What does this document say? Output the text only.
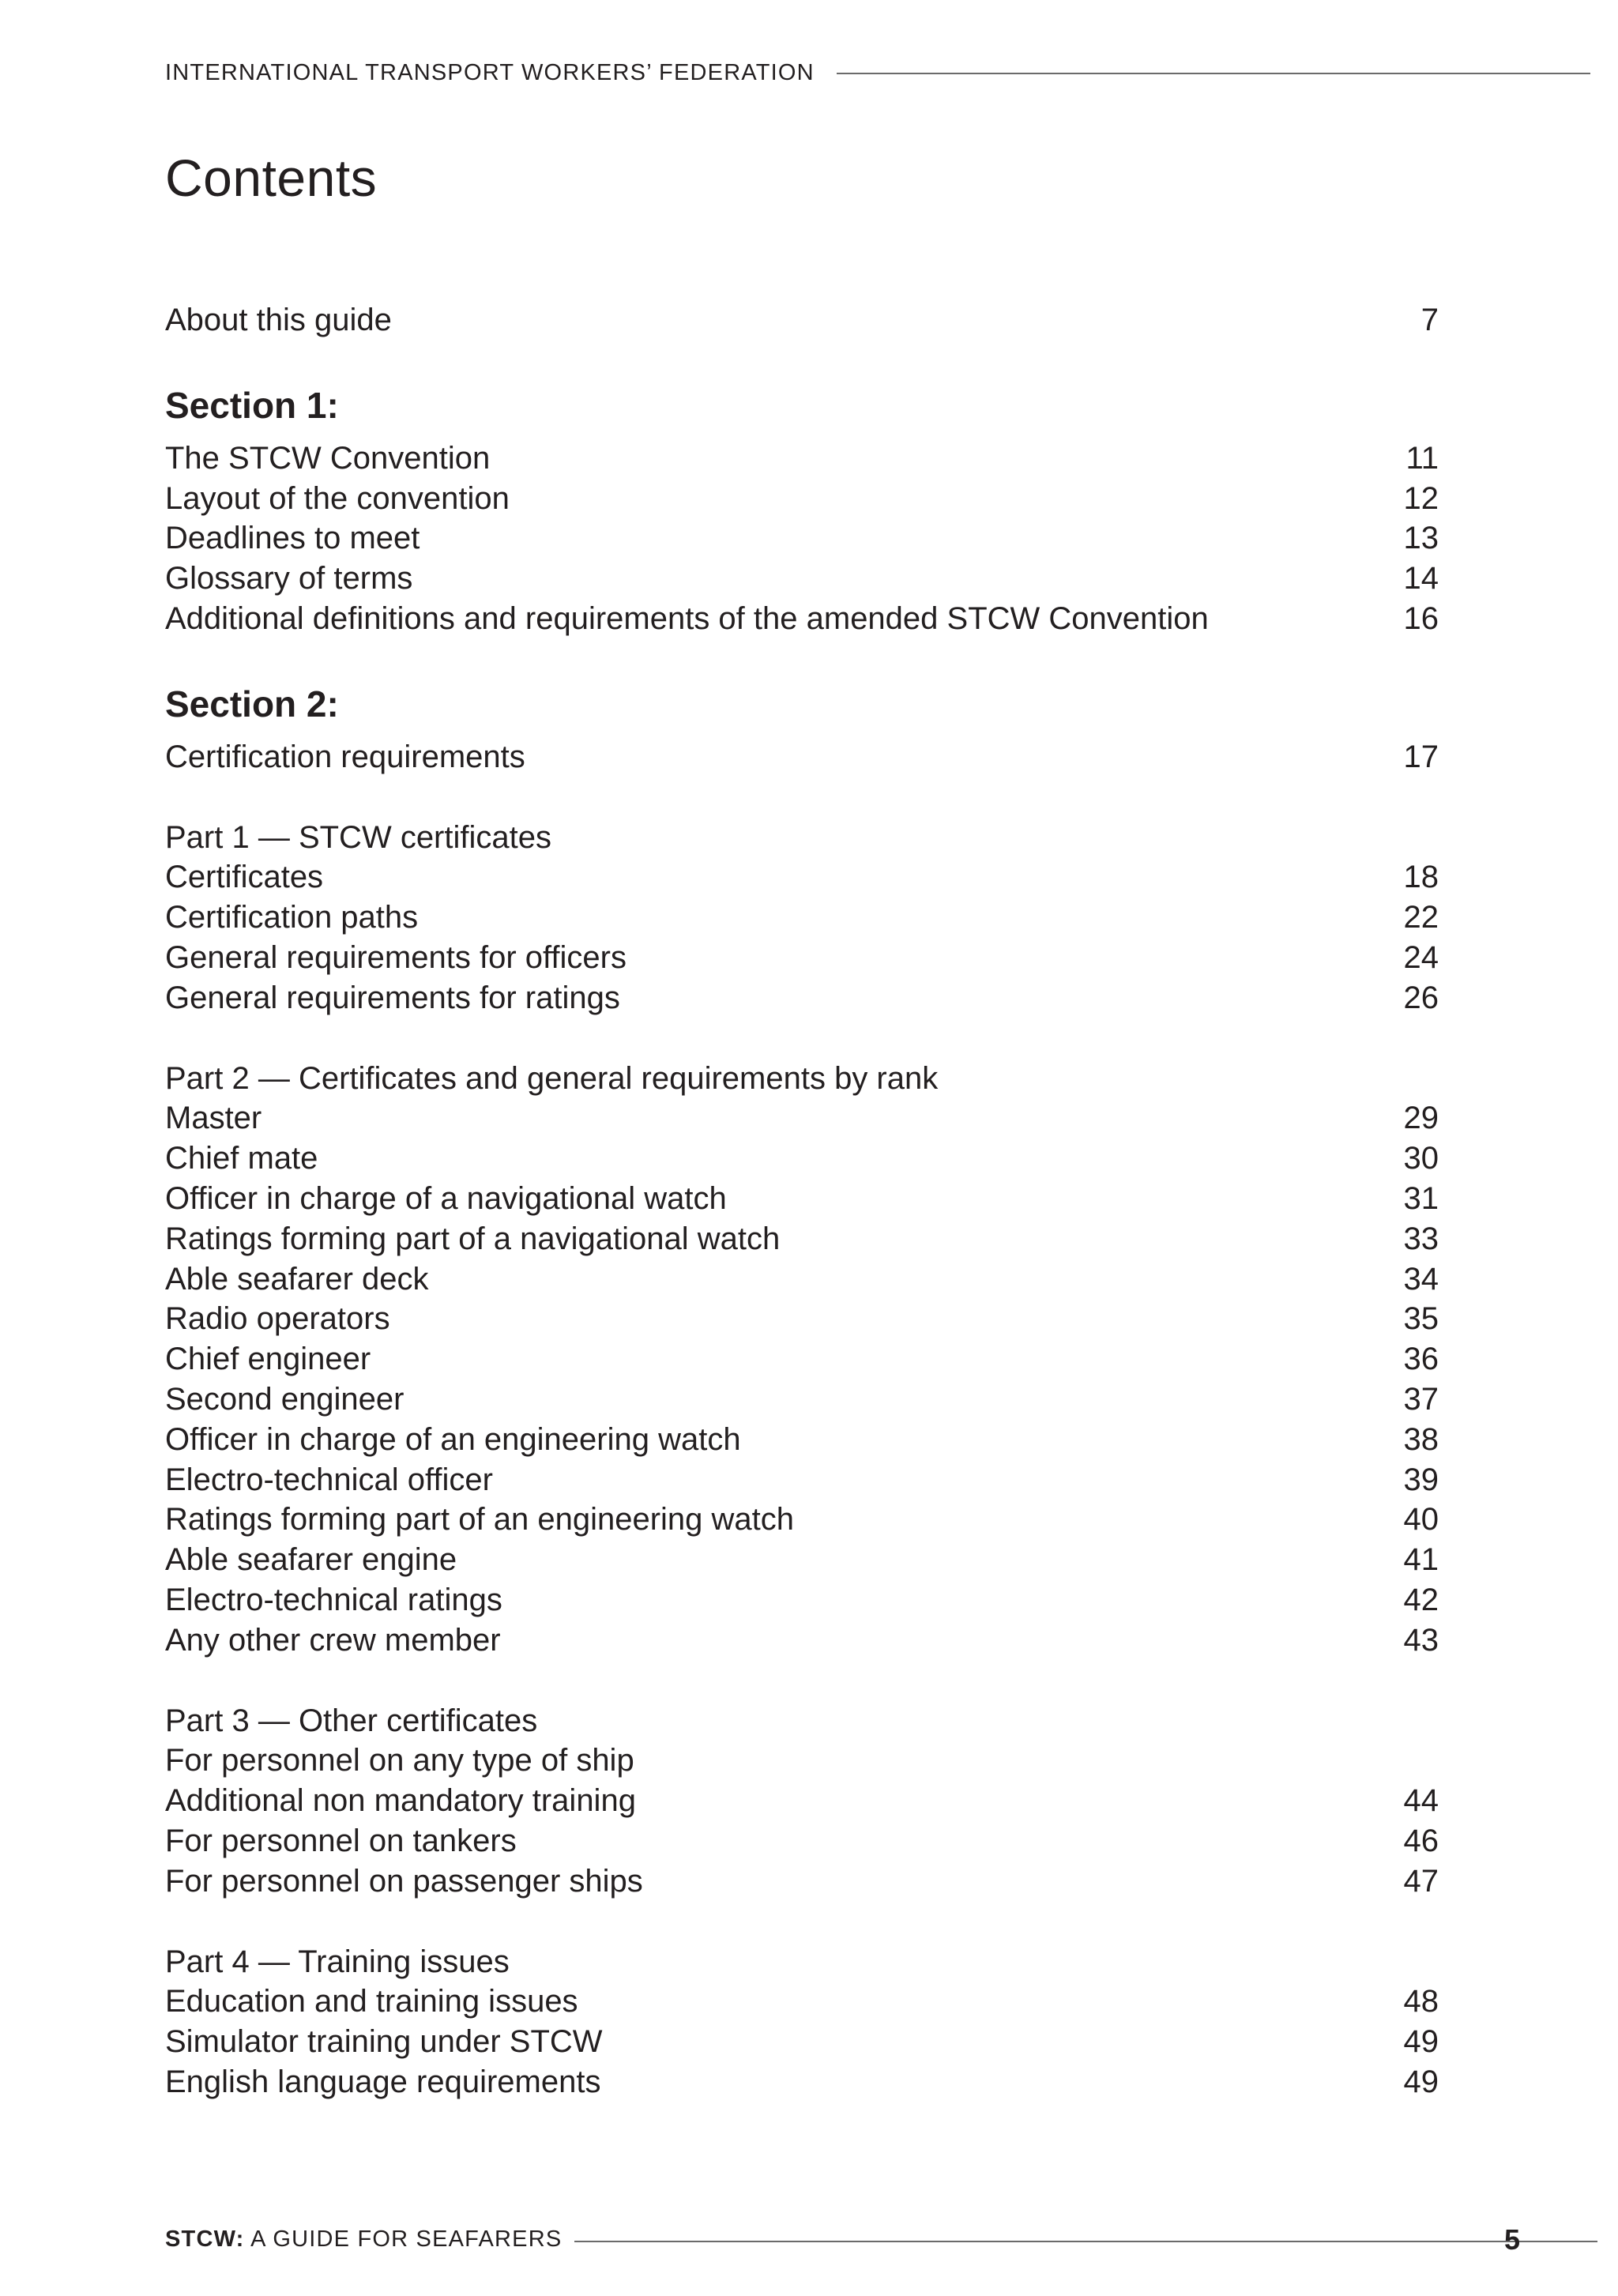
INTERNATIONAL TRANSPORT WORKERS’ FEDERATION
Contents
About this guide	7
Section 1:
The STCW Convention	11
Layout of the convention	12
Deadlines to meet	13
Glossary of terms	14
Additional definitions and requirements of the amended STCW Convention	16
Section 2:
Certification requirements	17
Part 1 — STCW certificates
Certificates	18
Certification paths	22
General requirements for officers	24
General requirements for ratings	26
Part 2 — Certificates and general requirements by rank
Master	29
Chief mate	30
Officer in charge of a navigational watch	31
Ratings forming part of a navigational watch	33
Able seafarer deck	34
Radio operators	35
Chief engineer	36
Second engineer	37
Officer in charge of an engineering watch	38
Electro-technical officer	39
Ratings forming part of an engineering watch	40
Able seafarer engine	41
Electro-technical ratings	42
Any other crew member	43
Part 3 — Other certificates
For personnel on any type of ship
Additional non mandatory training	44
For personnel on tankers	46
For personnel on passenger ships	47
Part 4 — Training issues
Education and training issues	48
Simulator training under STCW	49
English language requirements	49
STCW: A GUIDE FOR SEAFARERS	5
